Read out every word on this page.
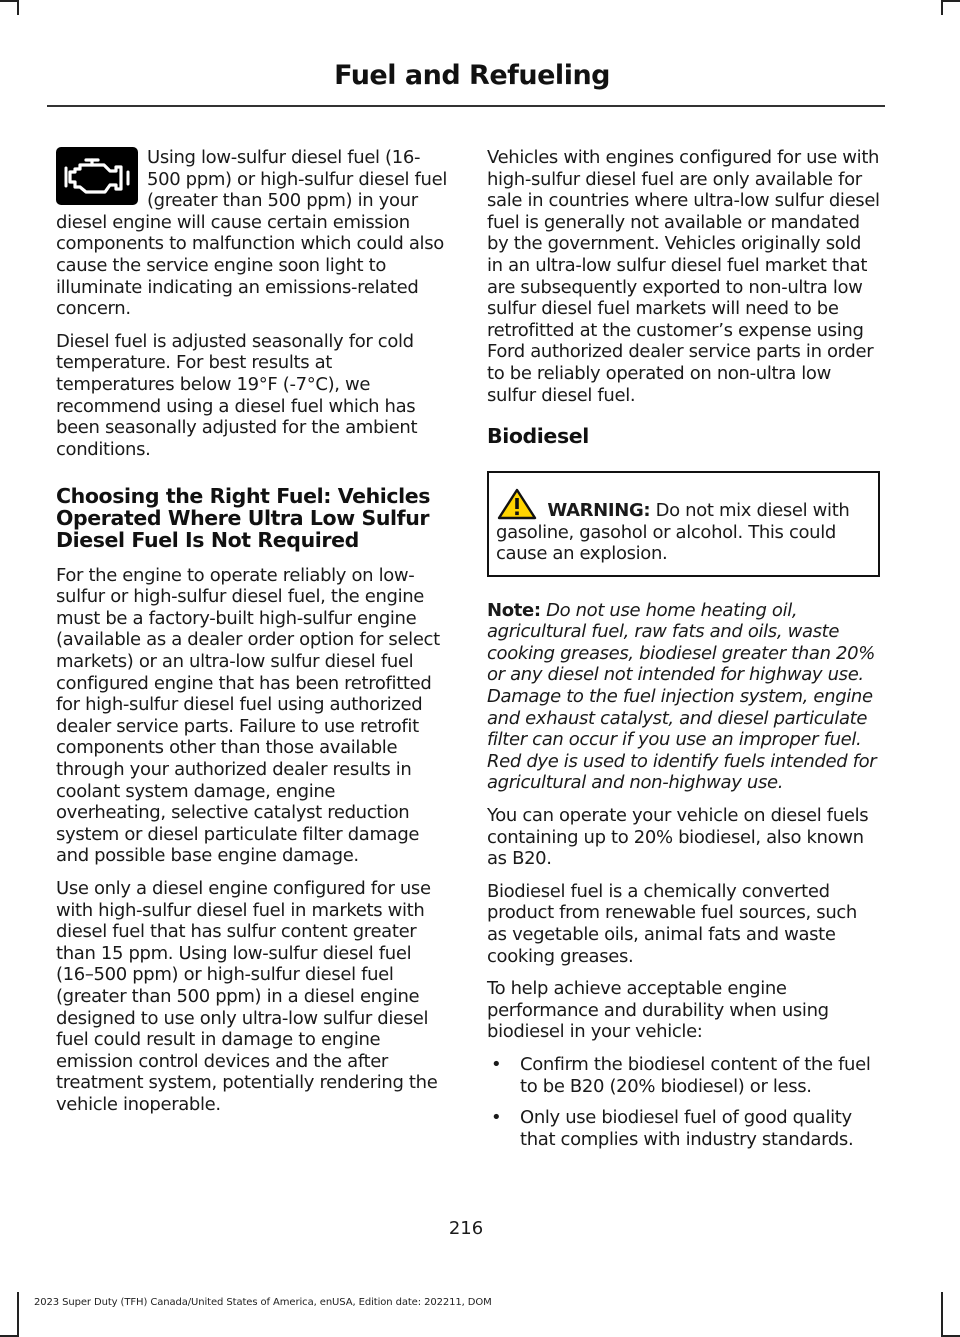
Fuel and Refueling

Using low-sulfur diesel fuel (16-500 ppm) or high-sulfur diesel fuel (greater than 500 ppm) in your diesel engine will cause certain emission components to malfunction which could also cause the service engine soon light to illuminate indicating an emissions-related concern.

Diesel fuel is adjusted seasonally for cold temperature. For best results at temperatures below 19°F (-7°C), we recommend using a diesel fuel which has been seasonally adjusted for the ambient conditions.

Choosing the Right Fuel: Vehicles Operated Where Ultra Low Sulfur Diesel Fuel Is Not Required

For the engine to operate reliably on low-sulfur or high-sulfur diesel fuel, the engine must be a factory-built high-sulfur engine (available as a dealer order option for select markets) or an ultra-low sulfur diesel fuel configured engine that has been retrofitted for high-sulfur diesel fuel using authorized dealer service parts. Failure to use retrofit components other than those available through your authorized dealer results in coolant system damage, engine overheating, selective catalyst reduction system or diesel particulate filter damage and possible base engine damage.

Use only a diesel engine configured for use with high-sulfur diesel fuel in markets with diesel fuel that has sulfur content greater than 15 ppm. Using low-sulfur diesel fuel (16–500 ppm) or high-sulfur diesel fuel (greater than 500 ppm) in a diesel engine designed to use only ultra-low sulfur diesel fuel could result in damage to engine emission control devices and the after treatment system, potentially rendering the vehicle inoperable.

Vehicles with engines configured for use with high-sulfur diesel fuel are only available for sale in countries where ultra-low sulfur diesel fuel is generally not available or mandated by the government. Vehicles originally sold in an ultra-low sulfur diesel fuel market that are subsequently exported to non-ultra low sulfur diesel fuel markets will need to be retrofitted at the customer’s expense using Ford authorized dealer service parts in order to be reliably operated on non-ultra low sulfur diesel fuel.

Biodiesel
WARNING: Do not mix diesel with gasoline, gasohol or alcohol. This could cause an explosion.

Note: Do not use home heating oil, agricultural fuel, raw fats and oils, waste cooking greases, biodiesel greater than 20% or any diesel not intended for highway use. Damage to the fuel injection system, engine and exhaust catalyst, and diesel particulate filter can occur if you use an improper fuel. Red dye is used to identify fuels intended for agricultural and non-highway use.

You can operate your vehicle on diesel fuels containing up to 20% biodiesel, also known as B20.

Biodiesel fuel is a chemically converted product from renewable fuel sources, such as vegetable oils, animal fats and waste cooking greases.

To help achieve acceptable engine performance and durability when using biodiesel in your vehicle:

• Confirm the biodiesel content of the fuel to be B20 (20% biodiesel) or less.
• Only use biodiesel fuel of good quality that complies with industry standards.
216
2023 Super Duty (TFH) Canada/United States of America, enUSA, Edition date: 202211, DOM
